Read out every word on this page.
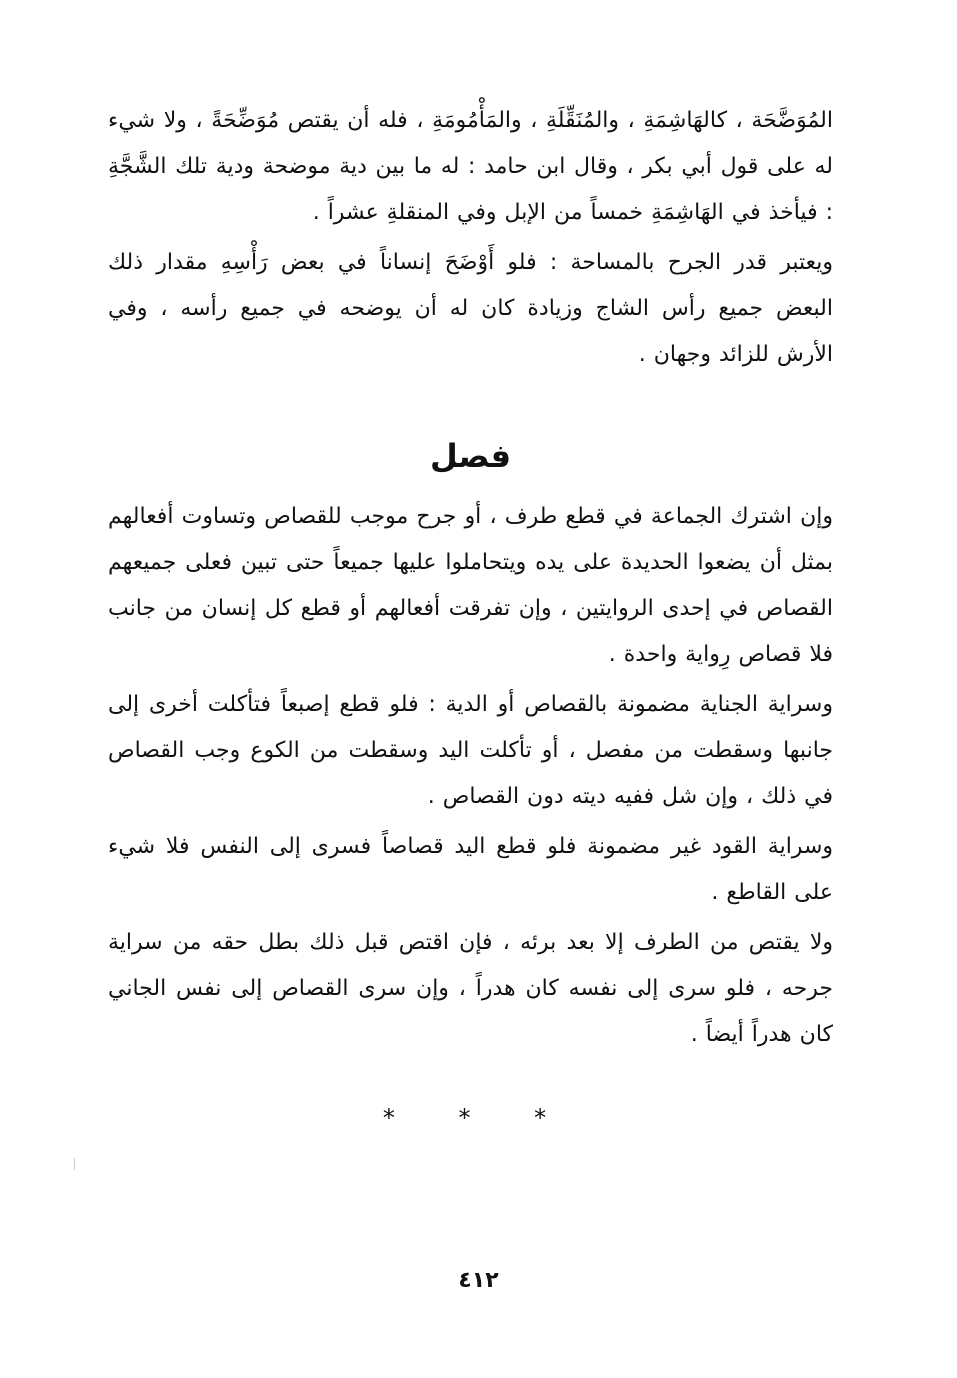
المُوَضَّحَة ، كالهَاشِمَةِ ، والمُنَقِّلَةِ ، والمَأْمُومَةِ ، فله أن يقتص مُوَضِّحَةً ، ولا شيء له على قول أبي بكر ، وقال ابن حامد : له ما بين دية موضحة ودية تلك الشَّجَّةِ : فيأخذ في الهَاشِمَةِ خمساً من الإبل وفي المنقلةِ عشراً .

ويعتبر قدر الجرح بالمساحة : فلو أَوْضَحَ إنساناً في بعض رَأْسِهِ مقدار ذلك البعض جميع رأس الشاج وزيادة كان له أن يوضحه في جميع رأسه ، وفي الأرش للزائد وجهان .

فصل

وإن اشترك الجماعة في قطع طرف ، أو جرح موجب للقصاص وتساوت أفعالهم بمثل أن يضعوا الحديدة على يده ويتحاملوا عليها جميعاً حتى تبين فعلى جميعهم القصاص في إحدى الروايتين ، وإن تفرقت أفعالهم أو قطع كل إنسان من جانب فلا قصاص رِواية واحدة .

وسراية الجناية مضمونة بالقصاص أو الدية : فلو قطع إصبعاً فتأكلت أخرى إلى جانبها وسقطت من مفصل ، أو تأكلت اليد وسقطت من الكوع وجب القصاص في ذلك ، وإن شل ففيه ديته دون القصاص .

وسراية القود غير مضمونة فلو قطع اليد قصاصاً فسرى إلى النفس فلا شيء على القاطع .

ولا يقتص من الطرف إلا بعد برئه ، فإن اقتص قبل ذلك بطل حقه من سراية جرحه ، فلو سرى إلى نفسه كان هدراً ، وإن سرى القصاص إلى نفس الجاني كان هدراً أيضاً .

* * *
٤١٢
